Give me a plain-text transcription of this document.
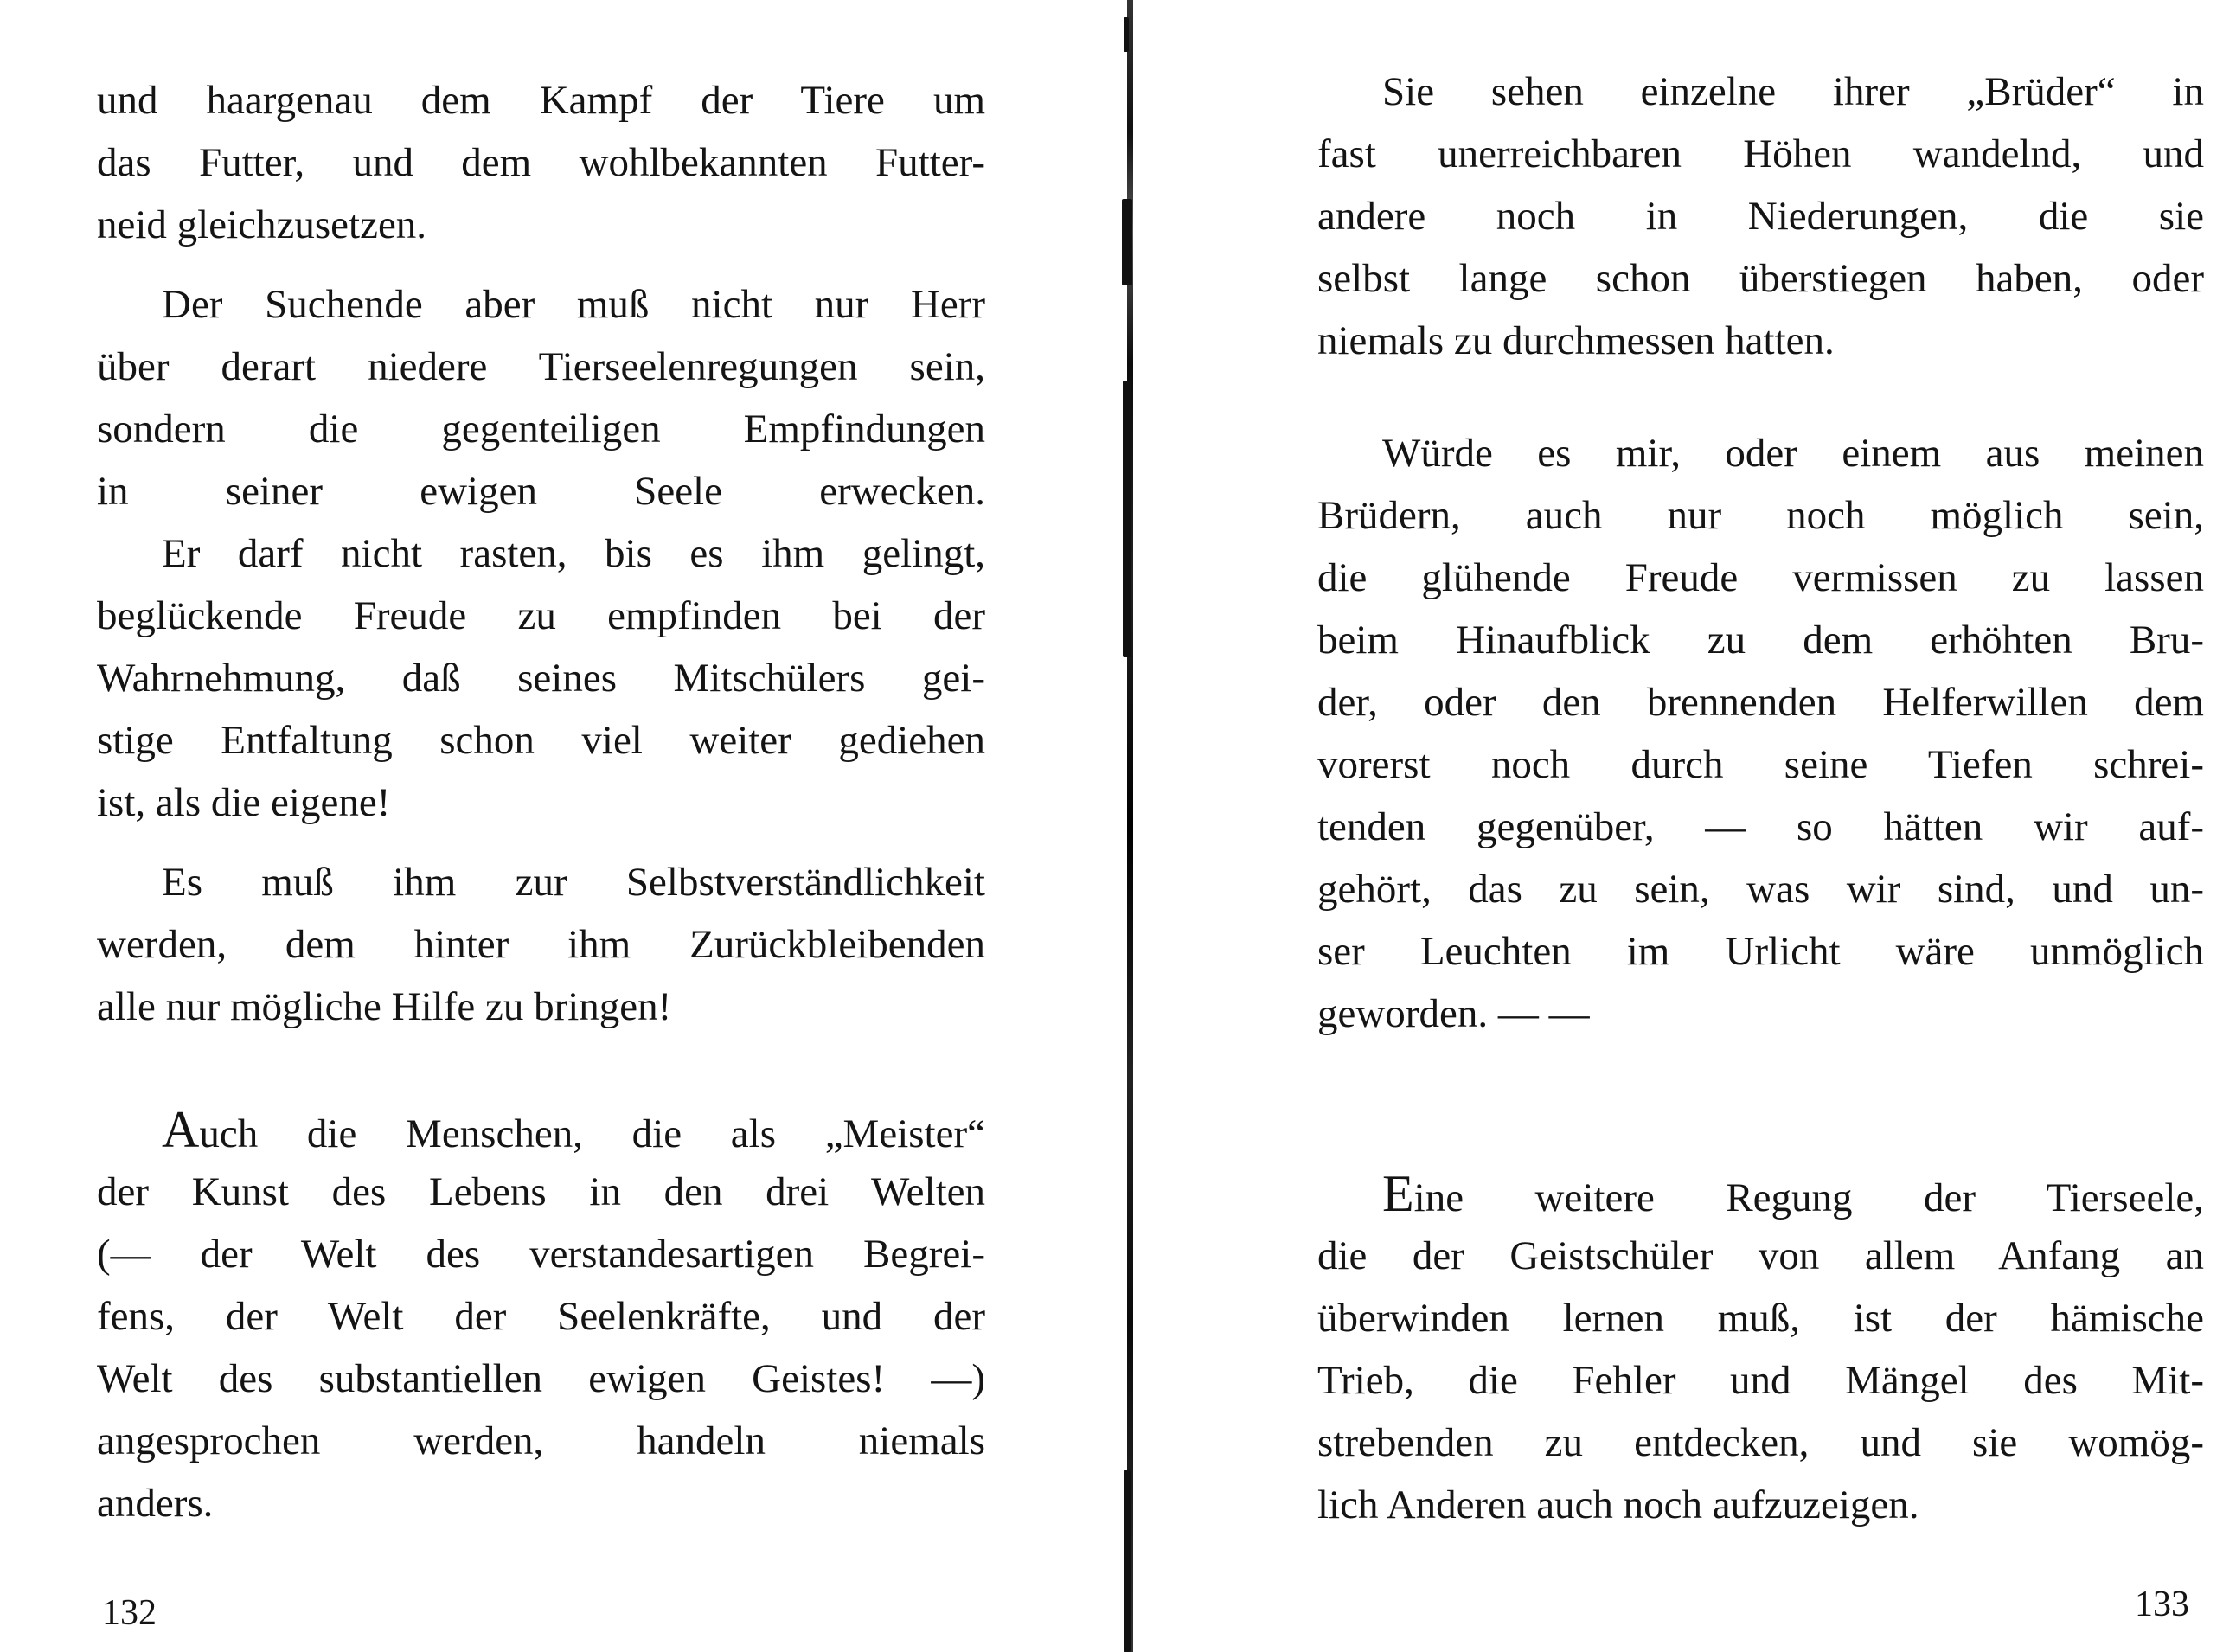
und haargenau dem Kampf der Tiere um
das Futter, und dem wohlbekannten Futter-
neid gleichzusetzen.
Der Suchende aber muß nicht nur Herr
über derart niedere Tierseelenregungen sein,
sondern die gegenteiligen Empfindungen
in seiner ewigen Seele erwecken.
Er darf nicht rasten, bis es ihm gelingt,
beglückende Freude zu empfinden bei der
Wahrnehmung, daß seines Mitschülers gei-
stige Entfaltung schon viel weiter gediehen
ist, als die eigene!
Es muß ihm zur Selbstverständlichkeit
werden, dem hinter ihm Zurückbleibenden
alle nur mögliche Hilfe zu bringen!
Auch die Menschen, die als „Meister“
der Kunst des Lebens in den drei Welten
(— der Welt des verstandesartigen Begrei-
fens, der Welt der Seelenkräfte, und der
Welt des substantiellen ewigen Geistes! —)
angesprochen werden, handeln niemals
anders.
132
Sie sehen einzelne ihrer „Brüder“ in
fast unerreichbaren Höhen wandelnd, und
andere noch in Niederungen, die sie
selbst lange schon überstiegen haben, oder
niemals zu durchmessen hatten.
Würde es mir, oder einem aus meinen
Brüdern, auch nur noch möglich sein,
die glühende Freude vermissen zu lassen
beim Hinaufblick zu dem erhöhten Bru-
der, oder den brennenden Helferwillen dem
vorerst noch durch seine Tiefen schrei-
tenden gegenüber, — so hätten wir auf-
gehört, das zu sein, was wir sind, und un-
ser Leuchten im Urlicht wäre unmöglich
geworden. — —
Eine weitere Regung der Tierseele,
die der Geistschüler von allem Anfang an
überwinden lernen muß, ist der hämische
Trieb, die Fehler und Mängel des Mit-
strebenden zu entdecken, und sie womög-
lich Anderen auch noch aufzuzeigen.
133
